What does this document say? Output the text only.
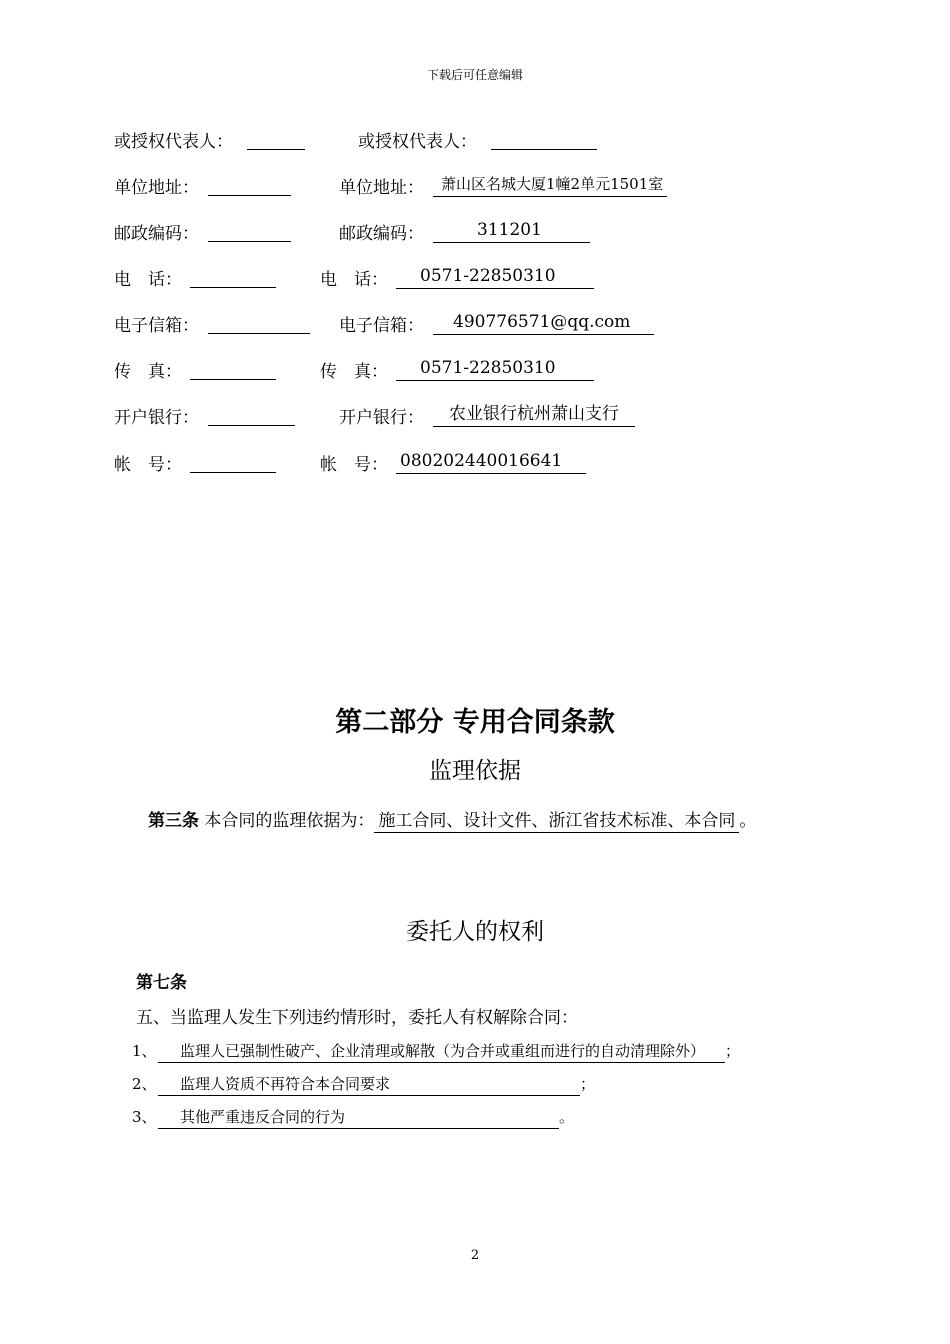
下载后可任意编辑
或授权代表人：	或授权代表人：
单位地址：	单位地址：	萧山区名城大厦1幢2单元1501室
邮政编码：	邮政编码：	311201
电　话：	电　话：	0571-22850310
电子信箱：	电子信箱：	490776571@qq.com
传　真：	传　真：	0571-22850310
开户银行：	开户银行：	农业银行杭州萧山支行
帐　号：	帐　号： 080202440016641
第二部分 专用合同条款
监理依据
第三条 本合同的监理依据为： 施工合同、设计文件、浙江省技术标准、本合同 。
委托人的权利
第七条
五、当监理人发生下列违约情形时，委托人有权解除合同：
1、 监理人已强制性破产、企业清理或解散（为合并或重组而进行的自动清理除外） ；
2、 监理人资质不再符合本合同要求	；
3、 其他严重违反合同的行为	。
2
